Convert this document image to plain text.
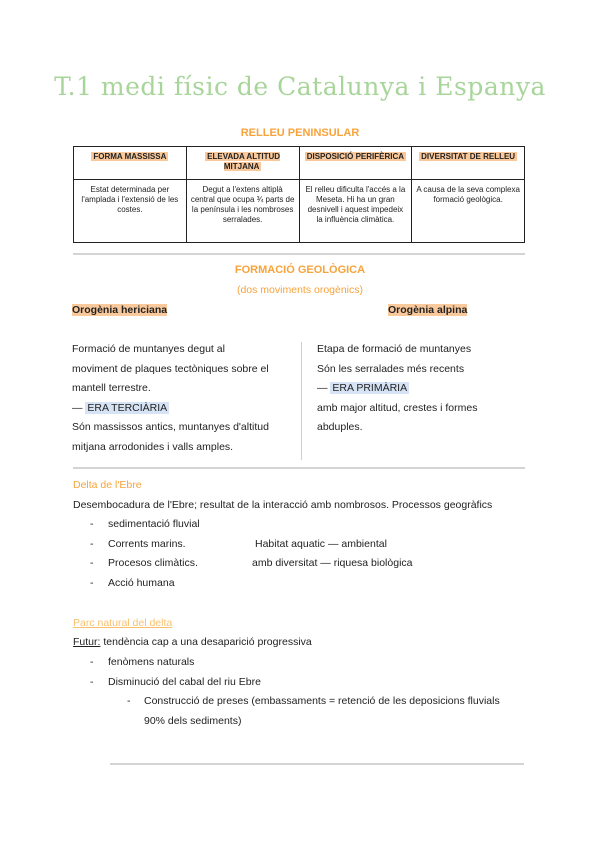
T.1 medi físic de Catalunya i Espanya
RELLEU PENINSULAR
FORMA MASSISSA	ELEVADA ALTITUD MITJANA	DISPOSICIÓ PERIFÈRICA	DIVERSITAT DE RELLEU
Estat determinada per l'amplada i l'extensió de les costes.	Degut a l'extens altiplà central que ocupa ¾ parts de la península i les nombroses serralades.	El relleu dificulta l'accés a la Meseta. Hi ha un gran desnivell i aquest impedeix la influència climàtica.	A causa de la seva complexa formació geològica.
FORMACIÓ GEOLÒGICA
(dos moviments orogènics)
Orogènia hericiana	Orogènia alpina
Formació de muntanyes degut al
moviment de plaques tectòniques sobre el
mantell terrestre.
— ERA TERCIÀRIA
Són massissos antics, muntanyes d'altitud
mitjana arrodonides i valls amples.
Etapa de formació de muntanyes
Són les serralades més recents
— ERA PRIMÀRIA
amb major altitud, crestes i formes
abduples.
Delta de l'Ebre
Desembocadura de l'Ebre; resultat de la interacció amb nombrosos. Processos geogràfics
- sedimentació fluvial
- Corrents marins.	Habitat aquatic — ambiental
- Procesos climàtics.	amb diversitat — riquesa biològica
- Acció humana
Parc natural del delta
Futur: tendència cap a una desaparició progressiva
- fenòmens naturals
- Disminució del cabal del riu Ebre
- Construcció de preses (embassaments = retenció de les deposicions fluvials
90% dels sediments)
